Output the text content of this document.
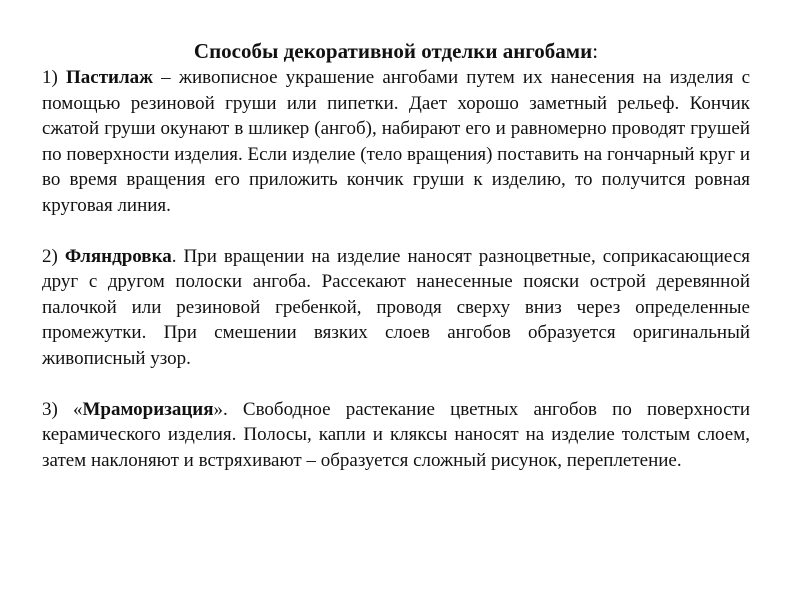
Способы декоративной отделки ангобами:

1) Пастилаж – живописное украшение ангобами путем их нанесения на изделия с помощью резиновой груши или пипетки. Дает хорошо заметный рельеф. Кончик сжатой груши окунают в шликер (ангоб), набирают его и равномерно проводят грушей по поверхности изделия. Если изделие (тело вращения) поставить на гончарный круг и во время вращения его приложить кончик груши к изделию, то получится ровная круговая линия.

2) Фляндровка. При вращении на изделие наносят разноцветные, соприкасающиеся друг с другом полоски ангоба. Рассекают нанесенные пояски острой деревянной палочкой или резиновой гребенкой, проводя сверху вниз через определенные промежутки. При смешении вязких слоев ангобов образуется оригинальный живописный узор.

3) «Мраморизация». Свободное растекание цветных ангобов по поверхности керамического изделия. Полосы, капли и кляксы наносят на изделие толстым слоем, затем наклоняют и встряхивают – образуется сложный рисунок, переплетение.
